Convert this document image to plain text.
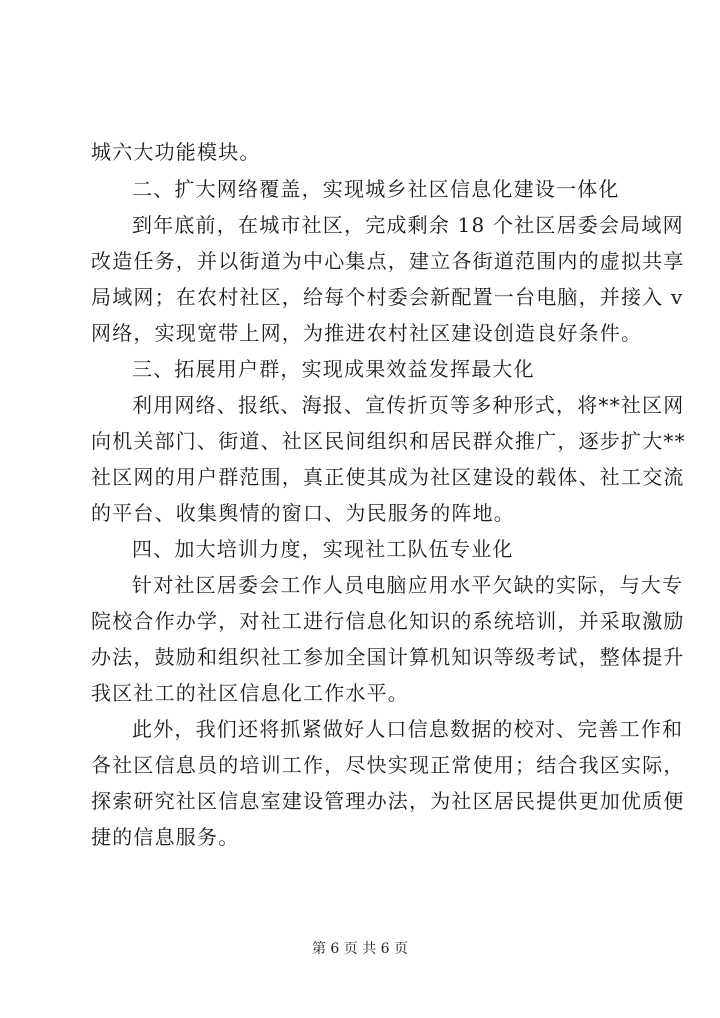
城六大功能模块。
二、扩大网络覆盖，实现城乡社区信息化建设一体化
到年底前，在城市社区，完成剩余 18 个社区居委会局域网
改造任务，并以街道为中心集点，建立各街道范围内的虚拟共享
局域网；在农村社区，给每个村委会新配置一台电脑，并接入 v
网络，实现宽带上网，为推进农村社区建设创造良好条件。
三、拓展用户群，实现成果效益发挥最大化
利用网络、报纸、海报、宣传折页等多种形式，将**社区网
向机关部门、街道、社区民间组织和居民群众推广，逐步扩大**
社区网的用户群范围，真正使其成为社区建设的载体、社工交流
的平台、收集舆情的窗口、为民服务的阵地。
四、加大培训力度，实现社工队伍专业化
针对社区居委会工作人员电脑应用水平欠缺的实际，与大专
院校合作办学，对社工进行信息化知识的系统培训，并采取激励
办法，鼓励和组织社工参加全国计算机知识等级考试，整体提升
我区社工的社区信息化工作水平。
此外，我们还将抓紧做好人口信息数据的校对、完善工作和
各社区信息员的培训工作，尽快实现正常使用；结合我区实际，
探索研究社区信息室建设管理办法，为社区居民提供更加优质便
捷的信息服务。
第 6 页 共 6 页
